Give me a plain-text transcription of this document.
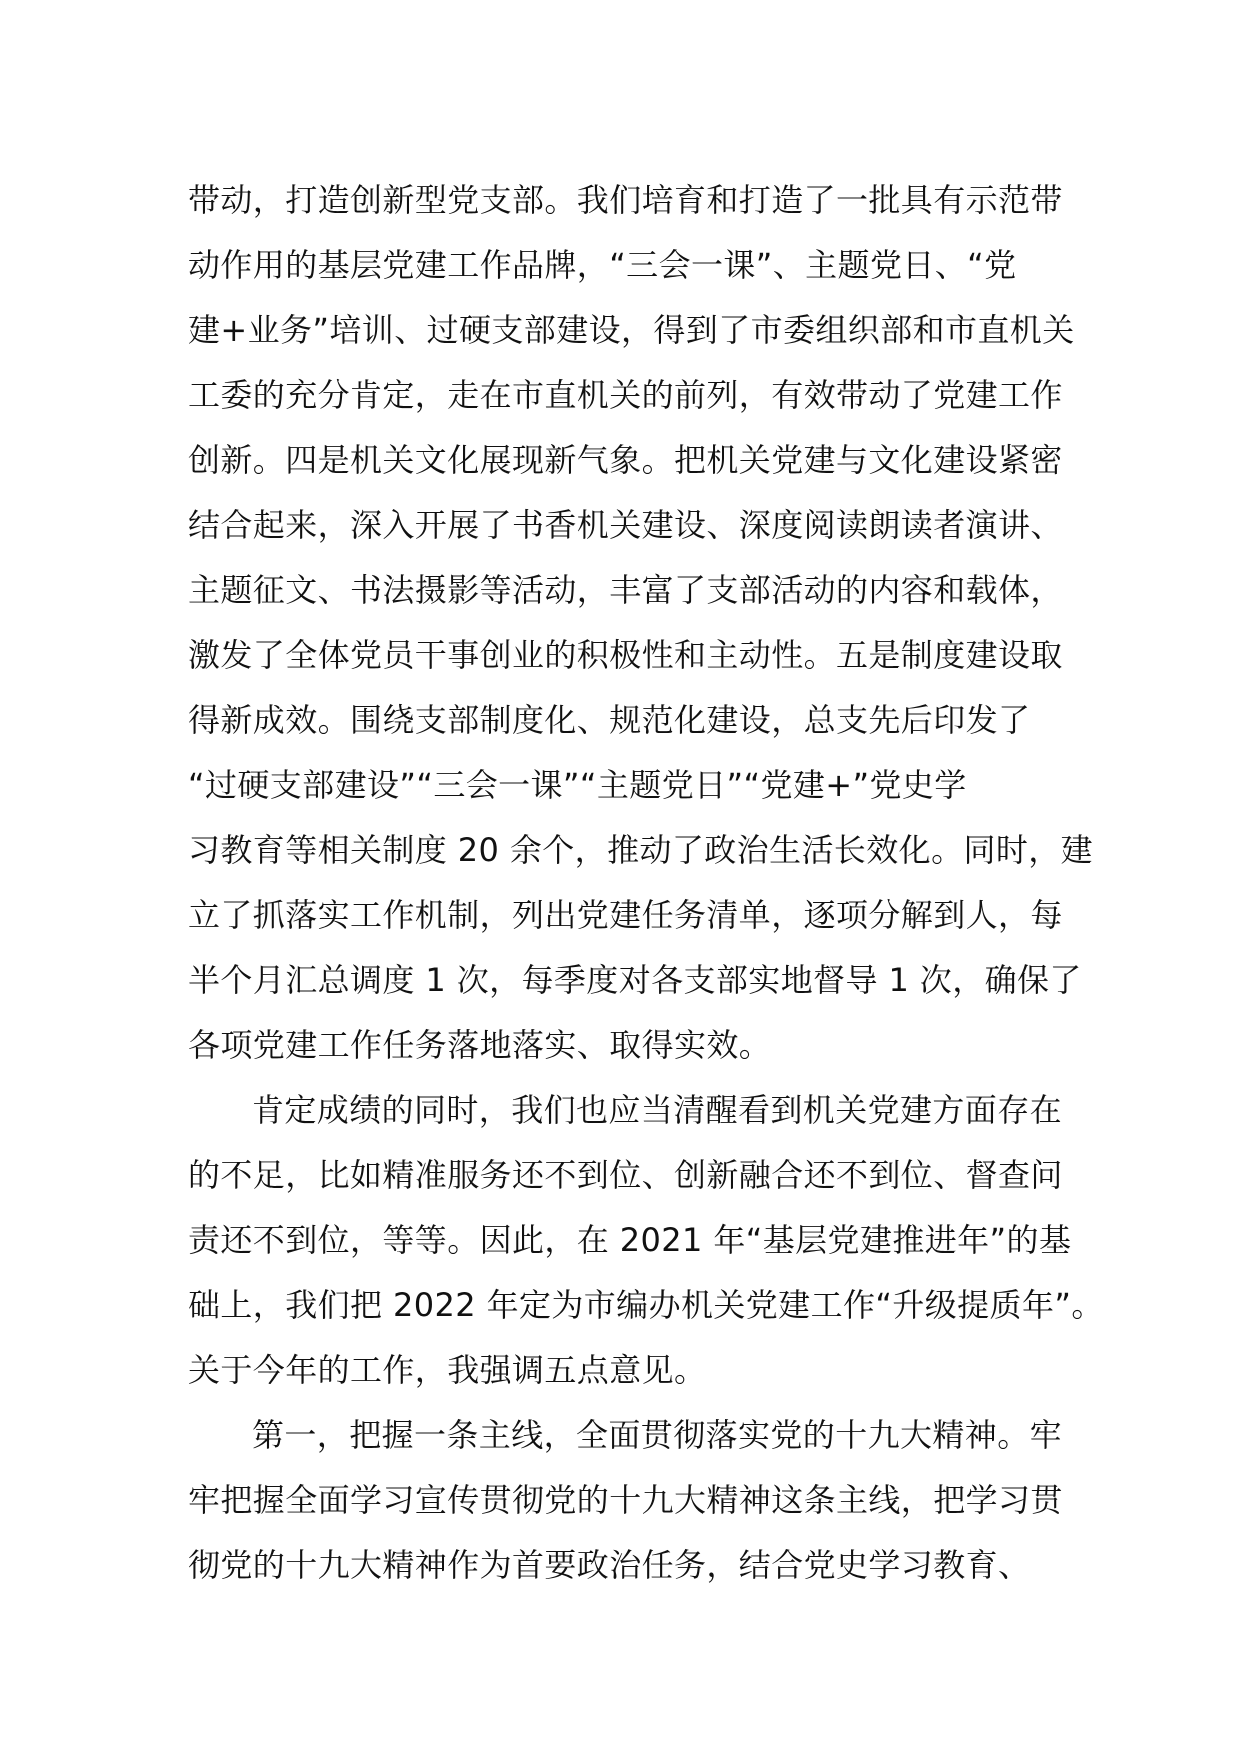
带动，打造创新型党支部。我们培育和打造了一批具有示范带
动作用的基层党建工作品牌，“三会一课”、主题党日、“党
建+业务”培训、过硬支部建设，得到了市委组织部和市直机关
工委的充分肯定，走在市直机关的前列，有效带动了党建工作
创新。四是机关文化展现新气象。把机关党建与文化建设紧密
结合起来，深入开展了书香机关建设、深度阅读朗读者演讲、
主题征文、书法摄影等活动，丰富了支部活动的内容和载体，
激发了全体党员干事创业的积极性和主动性。五是制度建设取
得新成效。围绕支部制度化、规范化建设，总支先后印发了
“过硬支部建设”“三会一课”“主题党日”“党建+”党史学
习教育等相关制度 20 余个，推动了政治生活长效化。同时，建
立了抓落实工作机制，列出党建任务清单，逐项分解到人，每
半个月汇总调度 1 次，每季度对各支部实地督导 1 次，确保了
各项党建工作任务落地落实、取得实效。
肯定成绩的同时，我们也应当清醒看到机关党建方面存在
的不足，比如精准服务还不到位、创新融合还不到位、督查问
责还不到位，等等。因此，在 2021 年“基层党建推进年”的基
础上，我们把 2022 年定为市编办机关党建工作“升级提质年”。
关于今年的工作，我强调五点意见。
第一，把握一条主线，全面贯彻落实党的十九大精神。牢
牢把握全面学习宣传贯彻党的十九大精神这条主线，把学习贯
彻党的十九大精神作为首要政治任务，结合党史学习教育、
